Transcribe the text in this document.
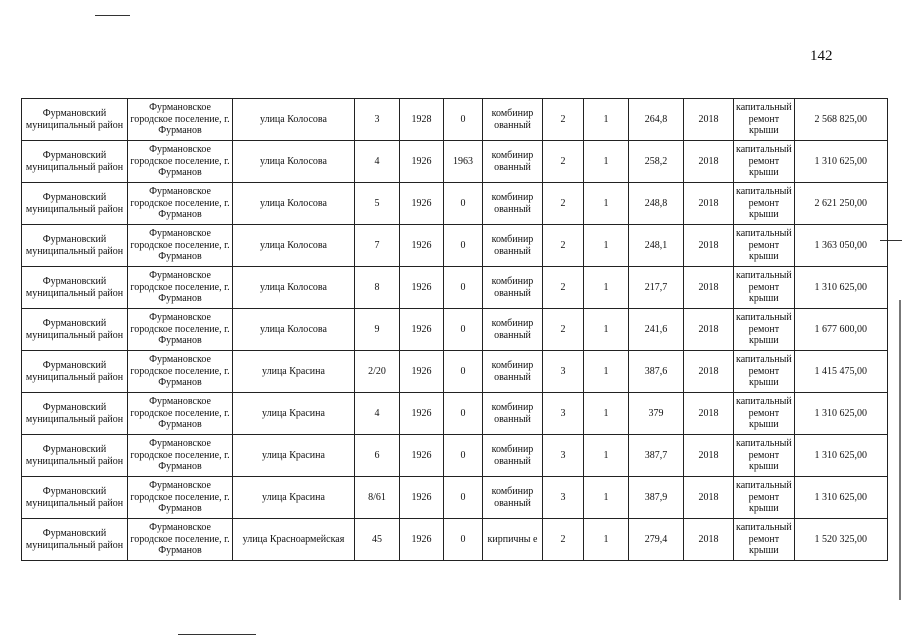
142
Фурмановский муниципальный район	Фурмановское городское поселение, г. Фурманов	улица Колосова	3	1928	0	комбинир ованный	2	1	264,8	2018	капитальный ремонт крыши	2 568 825,00
Фурмановский муниципальный район	Фурмановское городское поселение, г. Фурманов	улица Колосова	4	1926	1963	комбинир ованный	2	1	258,2	2018	капитальный ремонт крыши	1 310 625,00
Фурмановский муниципальный район	Фурмановское городское поселение, г. Фурманов	улица Колосова	5	1926	0	комбинир ованный	2	1	248,8	2018	капитальный ремонт крыши	2 621 250,00
Фурмановский муниципальный район	Фурмановское городское поселение, г. Фурманов	улица Колосова	7	1926	0	комбинир ованный	2	1	248,1	2018	капитальный ремонт крыши	1 363 050,00
Фурмановский муниципальный район	Фурмановское городское поселение, г. Фурманов	улица Колосова	8	1926	0	комбинир ованный	2	1	217,7	2018	капитальный ремонт крыши	1 310 625,00
Фурмановский муниципальный район	Фурмановское городское поселение, г. Фурманов	улица Колосова	9	1926	0	комбинир ованный	2	1	241,6	2018	капитальный ремонт крыши	1 677 600,00
Фурмановский муниципальный район	Фурмановское городское поселение, г. Фурманов	улица Красина	2/20	1926	0	комбинир ованный	3	1	387,6	2018	капитальный ремонт крыши	1 415 475,00
Фурмановский муниципальный район	Фурмановское городское поселение, г. Фурманов	улица Красина	4	1926	0	комбинир ованный	3	1	379	2018	капитальный ремонт крыши	1 310 625,00
Фурмановский муниципальный район	Фурмановское городское поселение, г. Фурманов	улица Красина	6	1926	0	комбинир ованный	3	1	387,7	2018	капитальный ремонт крыши	1 310 625,00
Фурмановский муниципальный район	Фурмановское городское поселение, г. Фурманов	улица Красина	8/61	1926	0	комбинир ованный	3	1	387,9	2018	капитальный ремонт крыши	1 310 625,00
Фурмановский муниципальный район	Фурмановское городское поселение, г. Фурманов	улица Красноармейская	45	1926	0	кирпичны е	2	1	279,4	2018	капитальный ремонт крыши	1 520 325,00
